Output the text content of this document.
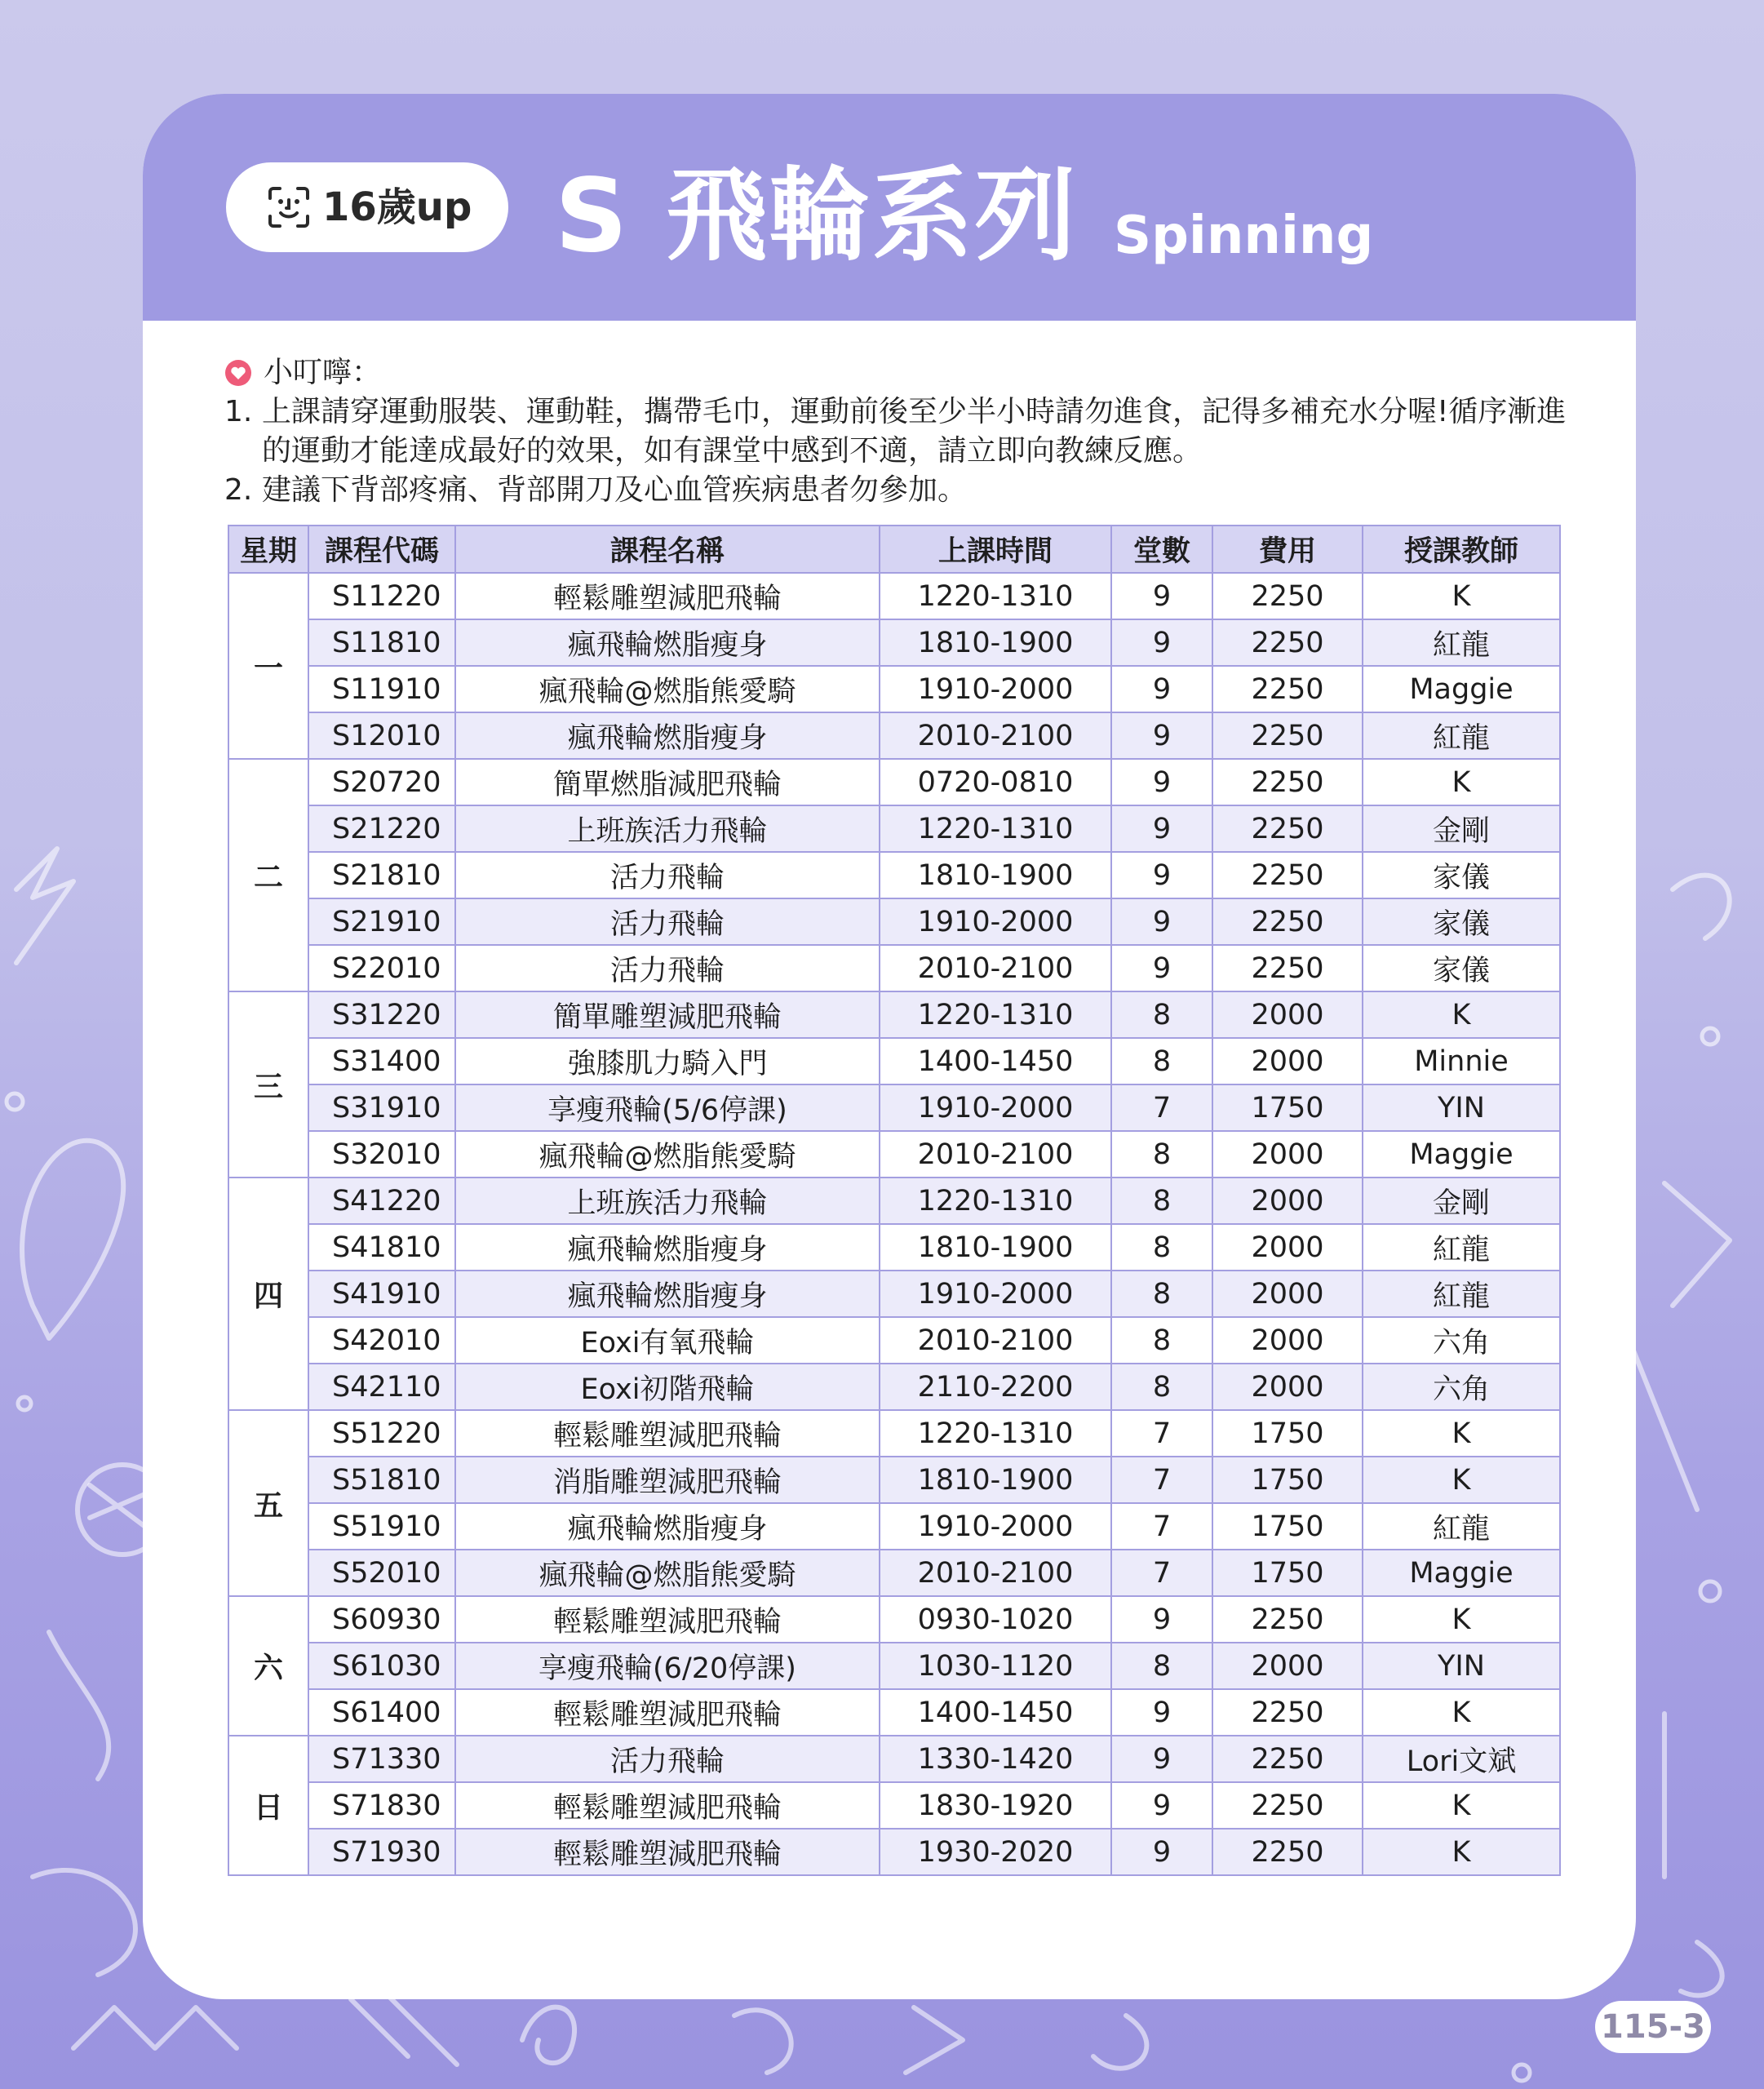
16歲up S 飛輪系列 Spinning
小叮嚀：
1. 上課請穿運動服裝、運動鞋，攜帶毛巾，運動前後至少半小時請勿進食，記得多補充水分喔!循序漸進的運動才能達成最好的效果，如有課堂中感到不適，請立即向教練反應。
2. 建議下背部疼痛、背部開刀及心血管疾病患者勿參加。
星期	課程代碼	課程名稱	上課時間	堂數	費用	授課教師
一	S11220	輕鬆雕塑減肥飛輪	1220-1310	9	2250	K
	S11810	瘋飛輪燃脂瘦身	1810-1900	9	2250	紅龍
	S11910	瘋飛輪@燃脂熊愛騎	1910-2000	9	2250	Maggie
	S12010	瘋飛輪燃脂瘦身	2010-2100	9	2250	紅龍
二	S20720	簡單燃脂減肥飛輪	0720-0810	9	2250	K
	S21220	上班族活力飛輪	1220-1310	9	2250	金剛
	S21810	活力飛輪	1810-1900	9	2250	家儀
	S21910	活力飛輪	1910-2000	9	2250	家儀
	S22010	活力飛輪	2010-2100	9	2250	家儀
三	S31220	簡單雕塑減肥飛輪	1220-1310	8	2000	K
	S31400	強膝肌力騎入門	1400-1450	8	2000	Minnie
	S31910	享瘦飛輪(5/6停課)	1910-2000	7	1750	YIN
	S32010	瘋飛輪@燃脂熊愛騎	2010-2100	8	2000	Maggie
四	S41220	上班族活力飛輪	1220-1310	8	2000	金剛
	S41810	瘋飛輪燃脂瘦身	1810-1900	8	2000	紅龍
	S41910	瘋飛輪燃脂瘦身	1910-2000	8	2000	紅龍
	S42010	Eoxi有氧飛輪	2010-2100	8	2000	六角
	S42110	Eoxi初階飛輪	2110-2200	8	2000	六角
五	S51220	輕鬆雕塑減肥飛輪	1220-1310	7	1750	K
	S51810	消脂雕塑減肥飛輪	1810-1900	7	1750	K
	S51910	瘋飛輪燃脂瘦身	1910-2000	7	1750	紅龍
	S52010	瘋飛輪@燃脂熊愛騎	2010-2100	7	1750	Maggie
六	S60930	輕鬆雕塑減肥飛輪	0930-1020	9	2250	K
	S61030	享瘦飛輪(6/20停課)	1030-1120	8	2000	YIN
	S61400	輕鬆雕塑減肥飛輪	1400-1450	9	2250	K
日	S71330	活力飛輪	1330-1420	9	2250	Lori文斌
	S71830	輕鬆雕塑減肥飛輪	1830-1920	9	2250	K
	S71930	輕鬆雕塑減肥飛輪	1930-2020	9	2250	K
115-3
